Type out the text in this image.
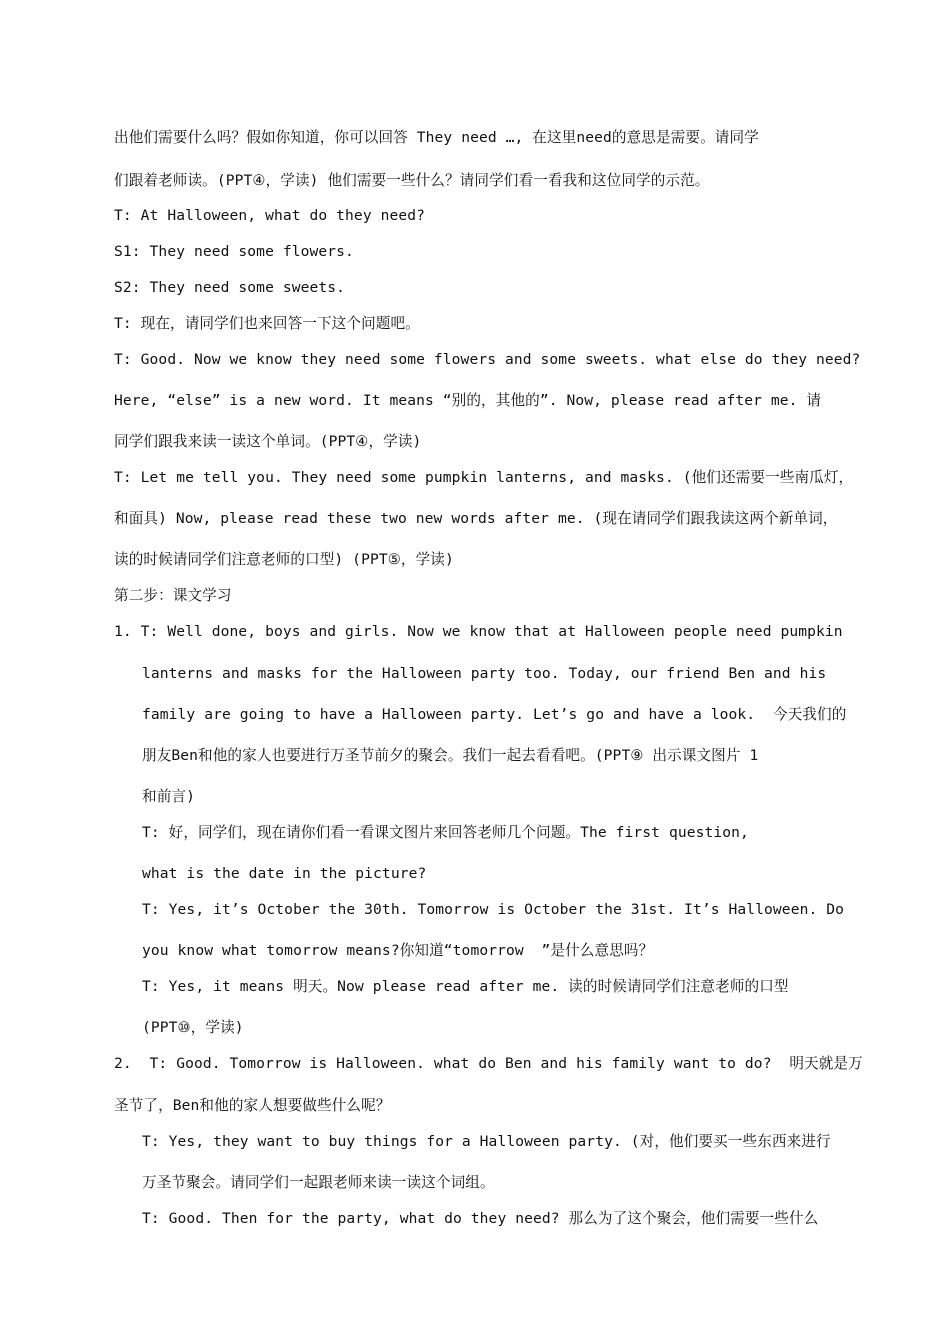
出他们需要什么吗？假如你知道，你可以回答 They need …, 在这里need的意思是需要。请同学
们跟着老师读。(PPT④，学读) 他们需要一些什么？请同学们看一看我和这位同学的示范。
T: At Halloween, what do they need?
S1: They need some flowers.
S2: They need some sweets.
T: 现在，请同学们也来回答一下这个问题吧。
T: Good. Now we know they need some flowers and some sweets. what else do they need?
Here, “else” is a new word. It means “别的，其他的”. Now, please read after me. 请
同学们跟我来读一读这个单词。(PPT④，学读)
T: Let me tell you. They need some pumpkin lanterns, and masks. (他们还需要一些南瓜灯，
和面具) Now, please read these two new words after me. (现在请同学们跟我读这两个新单词，
读的时候请同学们注意老师的口型) (PPT⑤，学读)
第二步：课文学习
1. T: Well done, boys and girls. Now we know that at Halloween people need pumpkin
lanterns and masks for the Halloween party too. Today, our friend Ben and his
family are going to have a Halloween party. Let’s go and have a look.  今天我们的
朋友Ben和他的家人也要进行万圣节前夕的聚会。我们一起去看看吧。(PPT⑨ 出示课文图片 1
和前言)
T: 好，同学们，现在请你们看一看课文图片来回答老师几个问题。The first question,
what is the date in the picture?
T: Yes, it’s October the 30th. Tomorrow is October the 31st. It’s Halloween. Do
you know what tomorrow means?你知道“tomorrow  ”是什么意思吗？
T: Yes, it means 明天。Now please read after me. 读的时候请同学们注意老师的口型
(PPT⑩，学读)
2.  T: Good. Tomorrow is Halloween. what do Ben and his family want to do?  明天就是万
圣节了，Ben和他的家人想要做些什么呢？
T: Yes, they want to buy things for a Halloween party. (对，他们要买一些东西来进行
万圣节聚会。请同学们一起跟老师来读一读这个词组。
T: Good. Then for the party, what do they need? 那么为了这个聚会，他们需要一些什么
